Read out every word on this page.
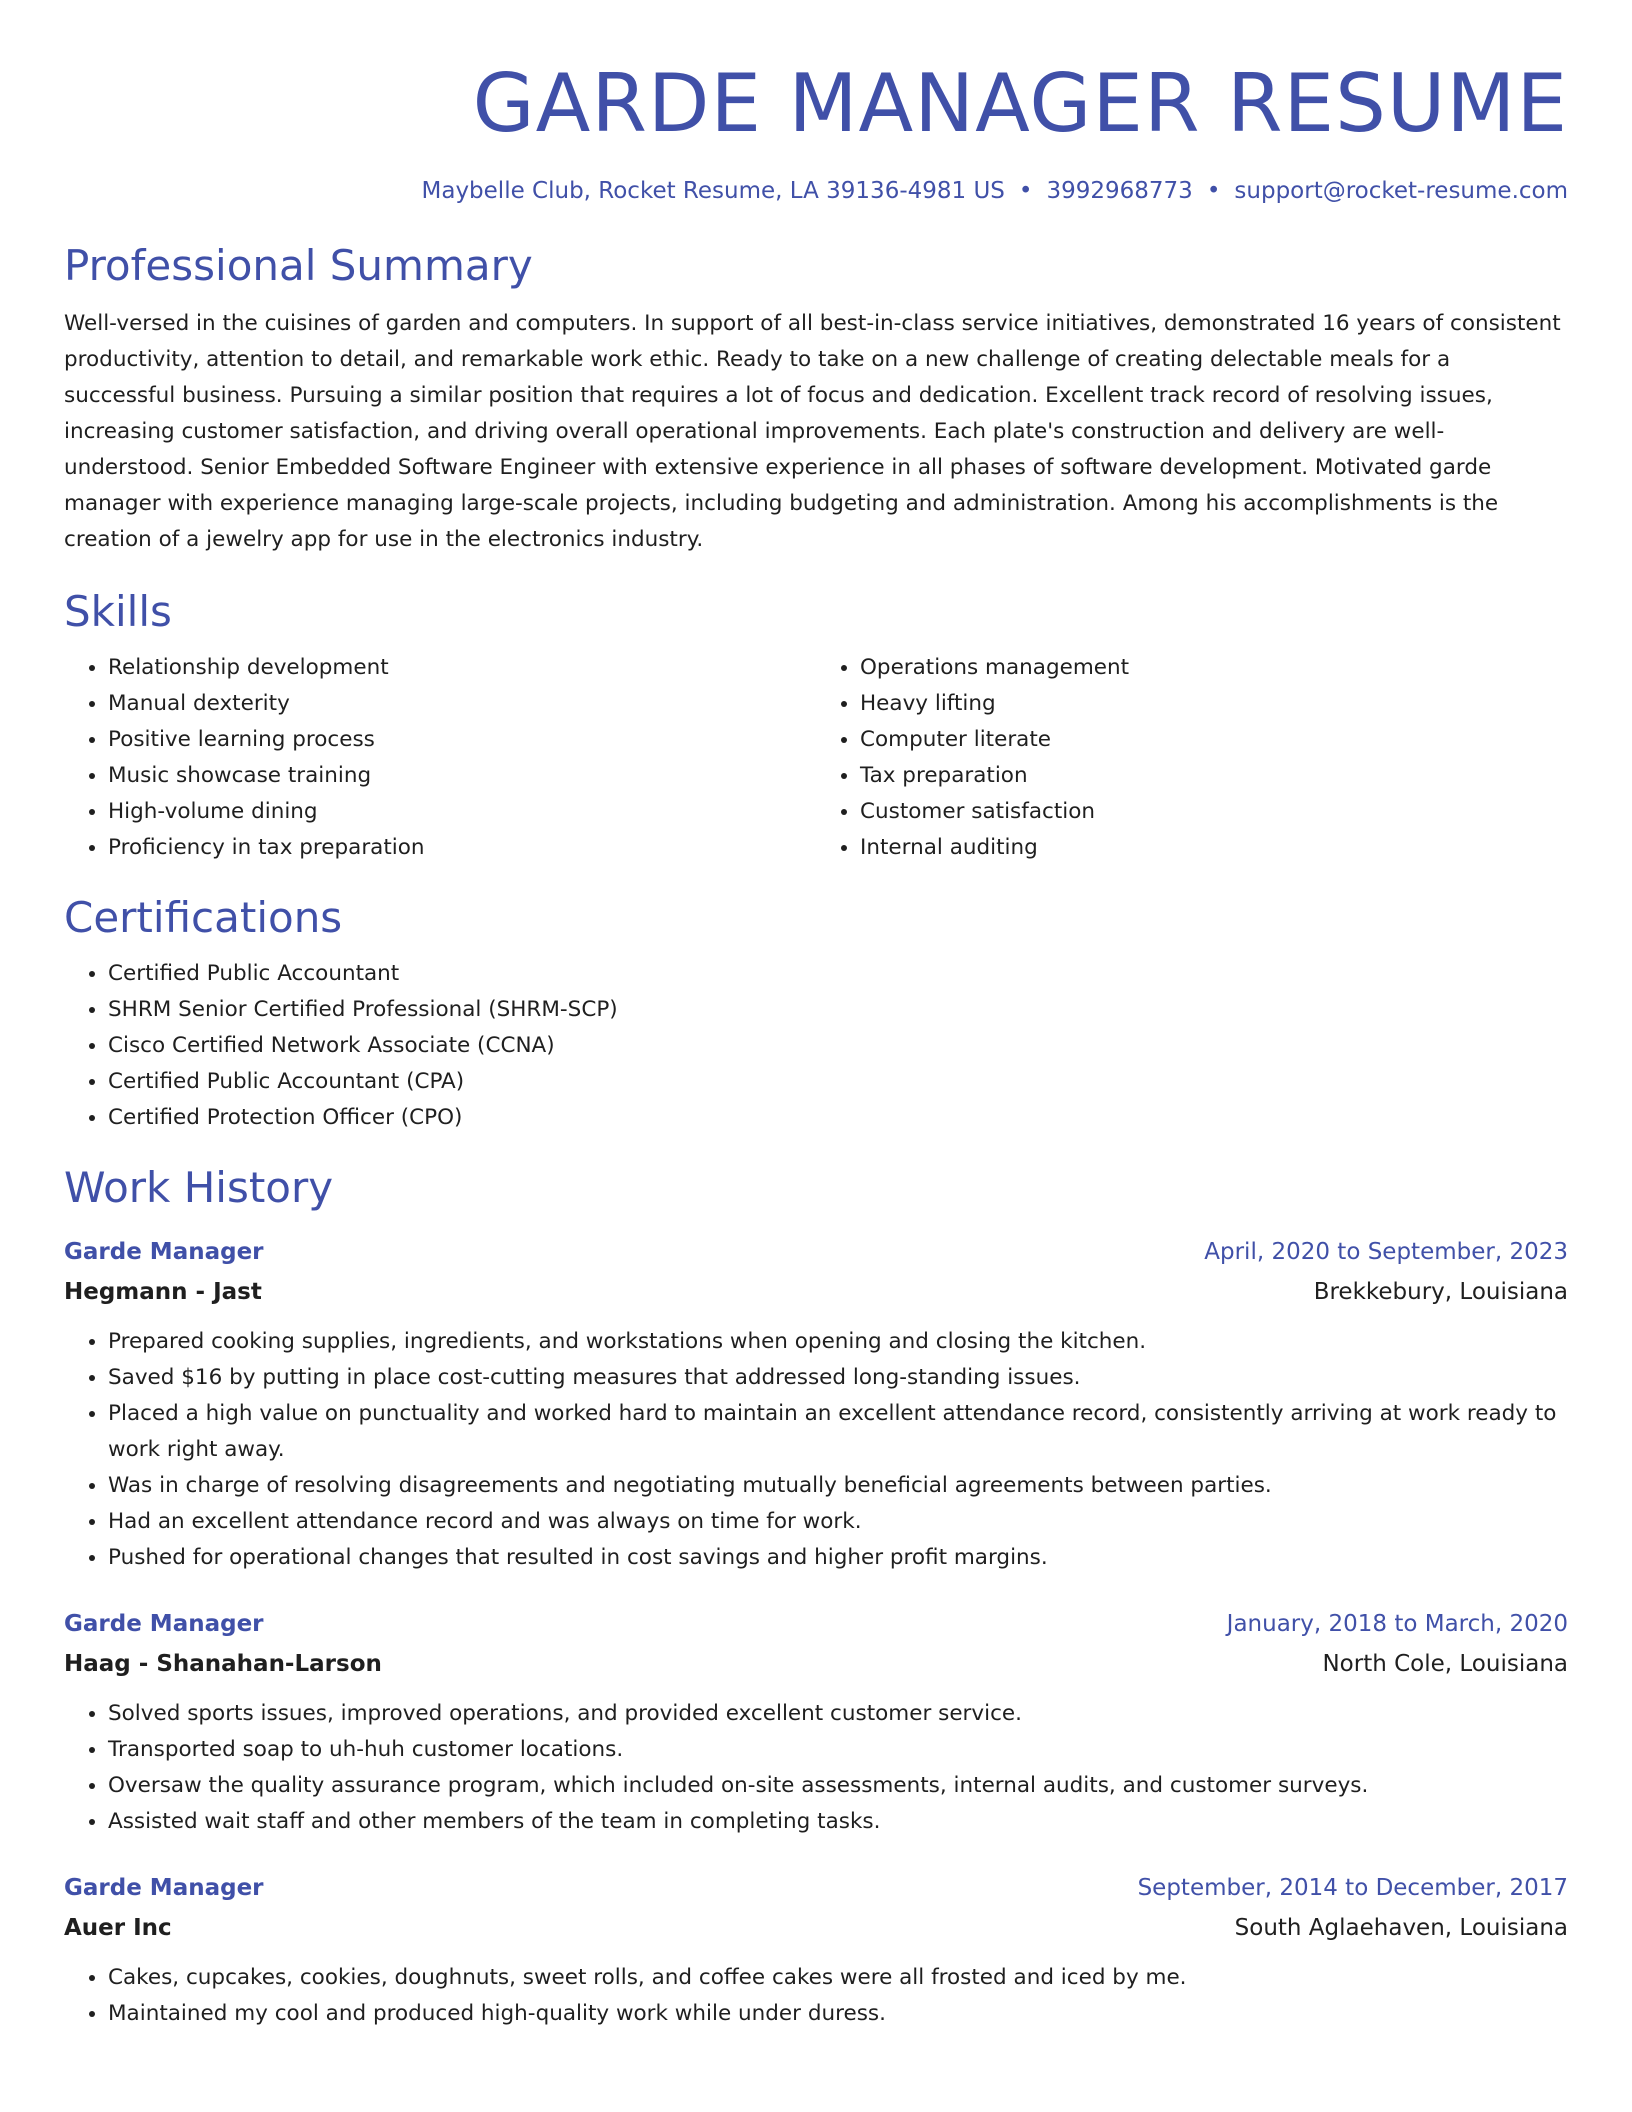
GARDE MANAGER RESUME
Maybelle Club, Rocket Resume, LA 39136-4981 US • 3992968773 • support@rocket-resume.com
Professional Summary
Well-versed in the cuisines of garden and computers. In support of all best-in-class service initiatives, demonstrated 16 years of consistent productivity, attention to detail, and remarkable work ethic. Ready to take on a new challenge of creating delectable meals for a successful business. Pursuing a similar position that requires a lot of focus and dedication. Excellent track record of resolving issues, increasing customer satisfaction, and driving overall operational improvements. Each plate's construction and delivery are well-understood. Senior Embedded Software Engineer with extensive experience in all phases of software development. Motivated garde manager with experience managing large-scale projects, including budgeting and administration. Among his accomplishments is the creation of a jewelry app for use in the electronics industry.
Skills
• Relationship development
• Manual dexterity
• Positive learning process
• Music showcase training
• High-volume dining
• Proficiency in tax preparation
• Operations management
• Heavy lifting
• Computer literate
• Tax preparation
• Customer satisfaction
• Internal auditing
Certifications
• Certified Public Accountant
• SHRM Senior Certified Professional (SHRM-SCP)
• Cisco Certified Network Associate (CCNA)
• Certified Public Accountant (CPA)
• Certified Protection Officer (CPO)
Work History
Garde Manager	April, 2020 to September, 2023
Hegmann - Jast	Brekkebury, Louisiana
• Prepared cooking supplies, ingredients, and workstations when opening and closing the kitchen.
• Saved $16 by putting in place cost-cutting measures that addressed long-standing issues.
• Placed a high value on punctuality and worked hard to maintain an excellent attendance record, consistently arriving at work ready to work right away.
• Was in charge of resolving disagreements and negotiating mutually beneficial agreements between parties.
• Had an excellent attendance record and was always on time for work.
• Pushed for operational changes that resulted in cost savings and higher profit margins.
Garde Manager	January, 2018 to March, 2020
Haag - Shanahan-Larson	North Cole, Louisiana
• Solved sports issues, improved operations, and provided excellent customer service.
• Transported soap to uh-huh customer locations.
• Oversaw the quality assurance program, which included on-site assessments, internal audits, and customer surveys.
• Assisted wait staff and other members of the team in completing tasks.
Garde Manager	September, 2014 to December, 2017
Auer Inc	South Aglaehaven, Louisiana
• Cakes, cupcakes, cookies, doughnuts, sweet rolls, and coffee cakes were all frosted and iced by me.
• Maintained my cool and produced high-quality work while under duress.
